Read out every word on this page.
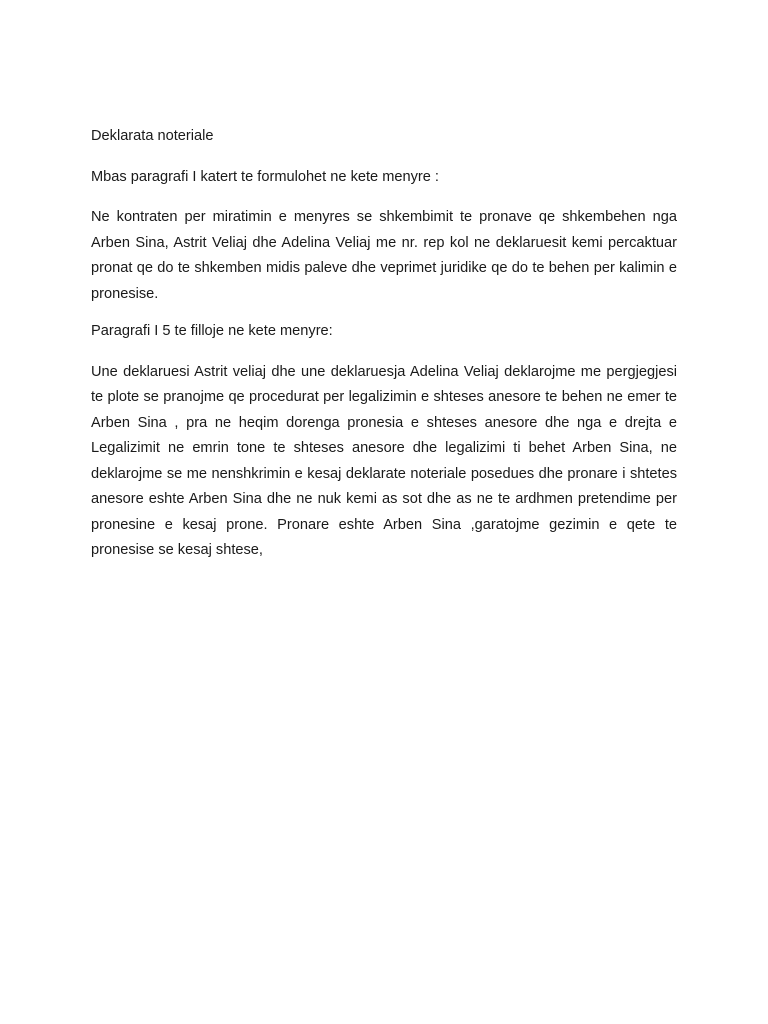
Deklarata noteriale

Mbas paragrafi I katert te formulohet ne kete menyre :

Ne kontraten per miratimin e menyres se shkembimit te pronave qe shkembehen nga Arben Sina, Astrit Veliaj dhe Adelina Veliaj me nr. rep kol ne deklaruesit kemi percaktuar pronat qe do te shkemben midis paleve dhe veprimet juridike qe do te behen per kalimin e pronesise.

Paragrafi I 5 te filloje ne kete menyre:

Une deklaruesi Astrit veliaj dhe une deklaruesja Adelina Veliaj deklarojme me pergjegjesi te plote se pranojme qe procedurat per legalizimin e shteses anesore te behen ne emer te Arben Sina , pra ne heqim dorenga pronesia e shteses anesore dhe nga e drejta e Legalizimit ne emrin tone te shteses anesore dhe legalizimi ti behet Arben Sina, ne deklarojme se me nenshkrimin e kesaj deklarate noteriale posedues dhe pronare i shtetes anesore eshte Arben Sina dhe ne nuk kemi as sot dhe as ne te ardhmen pretendime per pronesine e kesaj prone. Pronare eshte Arben Sina ,garatojme gezimin e qete te pronesise se kesaj shtese,
